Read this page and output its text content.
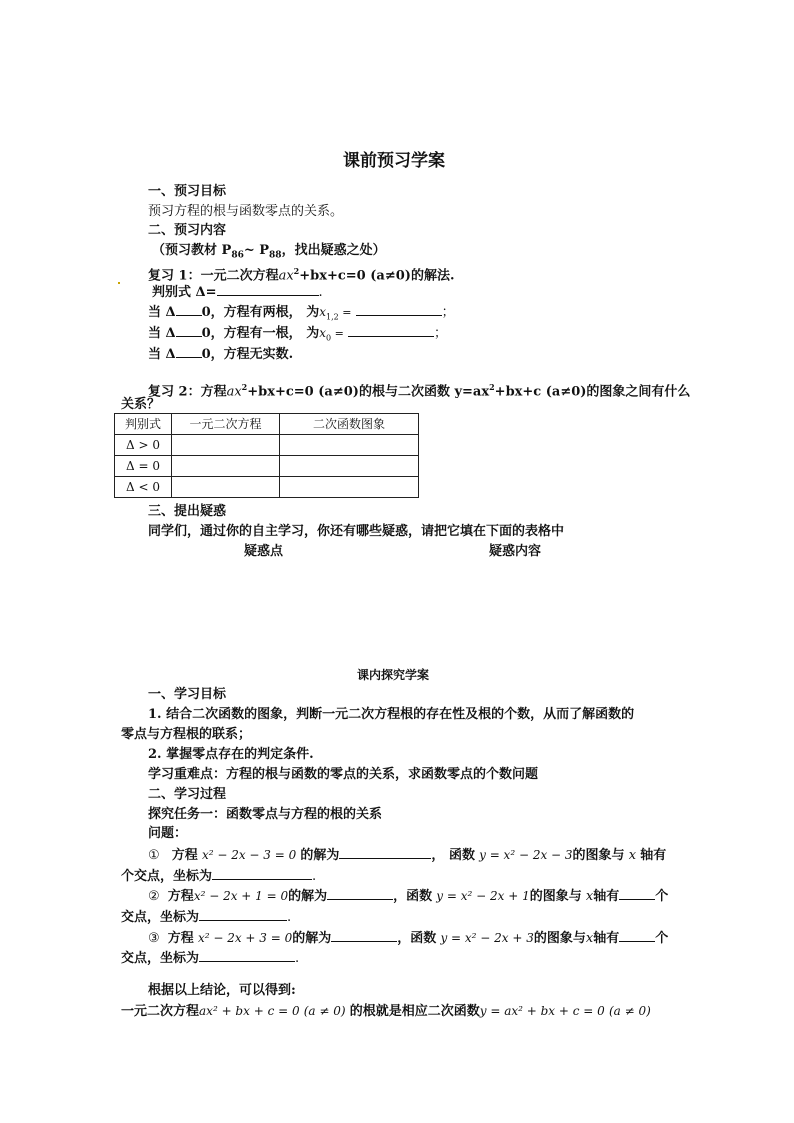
课前预习学案
一、预习目标
预习方程的根与函数零点的关系。
二、预习内容
（预习教材 $P_{86}\sim$ $P_{88}$，找出疑惑之处）
复习 1：一元二次方程$ax^2+bx+c=0$ (a≠0)的解法.
判别式 Δ=	.
当 Δ 0，方程有两根， 为$x_{1,2}$ =	；
当 Δ 0，方程有一根， 为$x_0$ =	；
当 Δ 0，方程无实数.
复习 2：方程$ax^2+bx+c=0$ (a≠0)的根与二次函数 $y=ax^2+bx+c$ (a≠0)的图象之间有什么
关系？
判别式	一元二次方程	二次函数图象
Δ > 0		
Δ = 0		
Δ < 0		
三、提出疑惑
同学们，通过你的自主学习，你还有哪些疑惑，请把它填在下面的表格中
疑惑点	疑惑内容
课内探究学案
一、学习目标
1. 结合二次函数的图象，判断一元二次方程根的存在性及根的个数，从而了解函数的
零点与方程根的联系；
2. 掌握零点存在的判定条件.
学习重难点：方程的根与函数的零点的关系，求函数零点的个数问题
二、学习过程
探究任务一：函数零点与方程的根的关系
问题：
① 方程 x² − 2x − 3 = 0 的解为	， 函数 y = x² − 2x − 3的图象与 x 轴有
个交点，坐标为	.
② 方程x² − 2x + 1 = 0的解为	，函数 y = x² − 2x + 1的图象与 x轴有	个
交点，坐标为	.
③ 方程 x² − 2x + 3 = 0的解为	，函数 y = x² − 2x + 3的图象与x轴有	个
交点，坐标为	.
根据以上结论，可以得到:
一元二次方程ax² + bx + c = 0 (a ≠ 0) 的根就是相应二次函数y = ax² + bx + c = 0 (a ≠ 0)
